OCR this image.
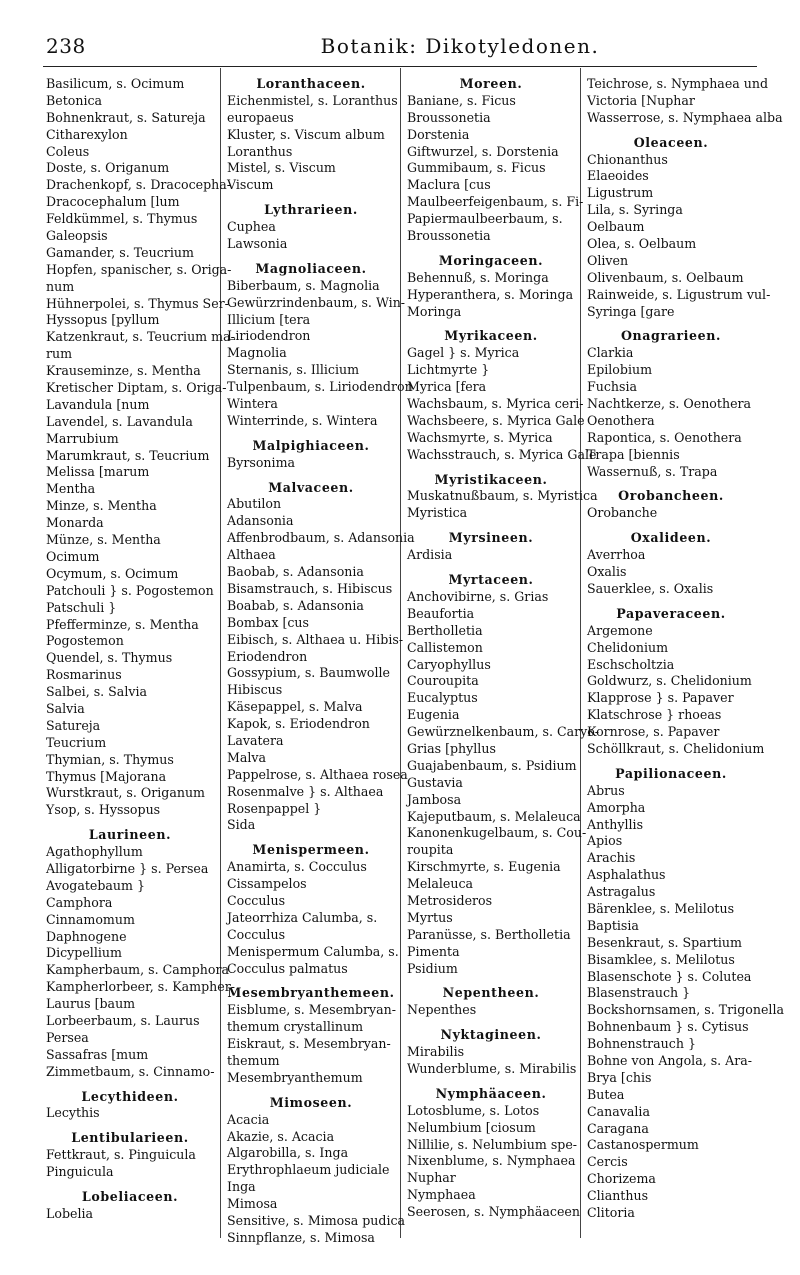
238	Botanik: Dikotyledonen.
Basilicum, s. Ocimum
Betonica
Bohnenkraut, s. Satureja
Citharexylon
Coleus
Doste, s. Origanum
Drachenkopf, s. Dracocepha-
Dracocephalum [lum
Feldkümmel, s. Thymus
Galeopsis
Gamander, s. Teucrium
Hopfen, spanischer, s. Origa-
num
Hühnerpolei, s. Thymus Ser-
Hyssopus [pyllum
Katzenkraut, s. Teucrium ma-
rum
Krauseminze, s. Mentha
Kretischer Diptam, s. Origa-
Lavandula [num
Lavendel, s. Lavandula
Marrubium
Marumkraut, s. Teucrium
Melissa [marum
Mentha
Minze, s. Mentha
Monarda
Münze, s. Mentha
Ocimum
Ocymum, s. Ocimum
Patchouli } s. Pogostemon
Patschuli }
Pfefferminze, s. Mentha
Pogostemon
Quendel, s. Thymus
Rosmarinus
Salbei, s. Salvia
Salvia
Satureja
Teucrium
Thymian, s. Thymus
Thymus [Majorana
Wurstkraut, s. Origanum
Ysop, s. Hyssopus
Laurineen.
Agathophyllum
Alligatorbirne } s. Persea
Avogatebaum }
Camphora
Cinnamomum
Daphnogene
Dicypellium
Kampherbaum, s. Camphora
Kampherlorbeer, s. Kampher-
Laurus [baum
Lorbeerbaum, s. Laurus
Persea
Sassafras [mum
Zimmetbaum, s. Cinnamo-
Lecythideen.
Lecythis
Lentibularieen.
Fettkraut, s. Pinguicula
Pinguicula
Lobeliaceen.
Lobelia
Loranthaceen.
Eichenmistel, s. Loranthus
europaeus
Kluster, s. Viscum album
Loranthus
Mistel, s. Viscum
Viscum
Lythrarieen.
Cuphea
Lawsonia
Magnoliaceen.
Biberbaum, s. Magnolia
Gewürzrindenbaum, s. Win-
Illicium [tera
Liriodendron
Magnolia
Sternanis, s. Illicium
Tulpenbaum, s. Liriodendron
Wintera
Winterrinde, s. Wintera
Malpighiaceen.
Byrsonima
Malvaceen.
Abutilon
Adansonia
Affenbrodbaum, s. Adansonia
Althaea
Baobab, s. Adansonia
Bisamstrauch, s. Hibiscus
Boabab, s. Adansonia
Bombax [cus
Eibisch, s. Althaea u. Hibis-
Eriodendron
Gossypium, s. Baumwolle
Hibiscus
Käsepappel, s. Malva
Kapok, s. Eriodendron
Lavatera
Malva
Pappelrose, s. Althaea rosea
Rosenmalve } s. Althaea
Rosenpappel }
Sida
Menispermeen.
Anamirta, s. Cocculus
Cissampelos
Cocculus
Jateorrhiza Calumba, s.
Cocculus
Menispermum Calumba, s.
Cocculus palmatus
Mesembryanthemeen.
Eisblume, s. Mesembryan-
themum crystallinum
Eiskraut, s. Mesembryan-
themum
Mesembryanthemum
Mimoseen.
Acacia
Akazie, s. Acacia
Algarobilla, s. Inga
Erythrophlaeum judiciale
Inga
Mimosa
Sensitive, s. Mimosa pudica
Sinnpflanze, s. Mimosa
Moreen.
Baniane, s. Ficus
Broussonetia
Dorstenia
Giftwurzel, s. Dorstenia
Gummibaum, s. Ficus
Maclura [cus
Maulbeerfeigenbaum, s. Fi-
Papiermaulbeerbaum, s.
Broussonetia
Moringaceen.
Behennuß, s. Moringa
Hyperanthera, s. Moringa
Moringa
Myrikaceen.
Gagel } s. Myrica
Lichtmyrte }
Myrica [fera
Wachsbaum, s. Myrica ceri-
Wachsbeere, s. Myrica Gale
Wachsmyrte, s. Myrica
Wachsstrauch, s. Myrica Gale
Myristikaceen.
Muskatnußbaum, s. Myristica
Myristica
Myrsineen.
Ardisia
Myrtaceen.
Anchovibirne, s. Grias
Beaufortia
Bertholletia
Callistemon
Caryophyllus
Couroupita
Eucalyptus
Eugenia
Gewürznelkenbaum, s. Caryo-
Grias [phyllus
Guajabenbaum, s. Psidium
Gustavia
Jambosa
Kajeputbaum, s. Melaleuca
Kanonenkugelbaum, s. Cou-
roupita
Kirschmyrte, s. Eugenia
Melaleuca
Metrosideros
Myrtus
Paranüsse, s. Bertholletia
Pimenta
Psidium
Nepentheen.
Nepenthes
Nyktagineen.
Mirabilis
Wunderblume, s. Mirabilis
Nymphäaceen.
Lotosblume, s. Lotos
Nelumbium [ciosum
Nillilie, s. Nelumbium spe-
Nixenblume, s. Nymphaea
Nuphar
Nymphaea
Seerosen, s. Nymphäaceen
Teichrose, s. Nymphaea und
Victoria [Nuphar
Wasserrose, s. Nymphaea alba
Oleaceen.
Chionanthus
Elaeoides
Ligustrum
Lila, s. Syringa
Oelbaum
Olea, s. Oelbaum
Oliven
Olivenbaum, s. Oelbaum
Rainweide, s. Ligustrum vul-
Syringa [gare
Onagrarieen.
Clarkia
Epilobium
Fuchsia
Nachtkerze, s. Oenothera
Oenothera
Rapontica, s. Oenothera
Trapa [biennis
Wassernuß, s. Trapa
Orobancheen.
Orobanche
Oxalideen.
Averrhoa
Oxalis
Sauerklee, s. Oxalis
Papaveraceen.
Argemone
Chelidonium
Eschscholtzia
Goldwurz, s. Chelidonium
Klapprose } s. Papaver
Klatschrose } rhoeas
Kornrose, s. Papaver
Schöllkraut, s. Chelidonium
Papilionaceen.
Abrus
Amorpha
Anthyllis
Apios
Arachis
Asphalathus
Astragalus
Bärenklee, s. Melilotus
Baptisia
Besenkraut, s. Spartium
Bisamklee, s. Melilotus
Blasenschote } s. Colutea
Blasenstrauch }
Bockshornsamen, s. Trigonella
Bohnenbaum } s. Cytisus
Bohnenstrauch }
Bohne von Angola, s. Ara-
Brya [chis
Butea
Canavalia
Caragana
Castanospermum
Cercis
Chorizema
Clianthus
Clitoria
